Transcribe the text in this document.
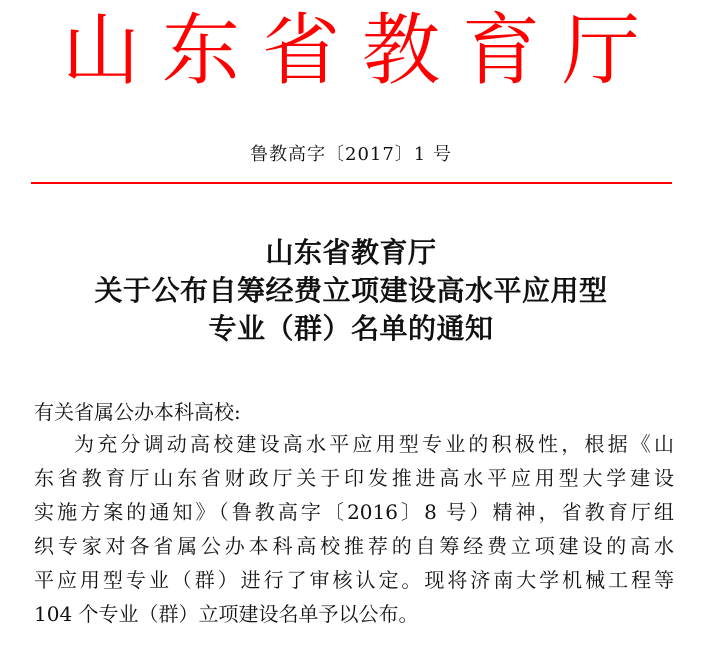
山东省教育厅
鲁教高字〔2017〕1 号
山东省教育厅
关于公布自筹经费立项建设高水平应用型
专业（群）名单的通知
有关省属公办本科高校:
为充分调动高校建设高水平应用型专业的积极性，根据《山
东省教育厅山东省财政厅关于印发推进高水平应用型大学建设
实施方案的通知》（鲁教高字〔2016〕8 号）精神，省教育厅组
织专家对各省属公办本科高校推荐的自筹经费立项建设的高水
平应用型专业（群）进行了审核认定。现将济南大学机械工程等
104 个专业（群）立项建设名单予以公布。
